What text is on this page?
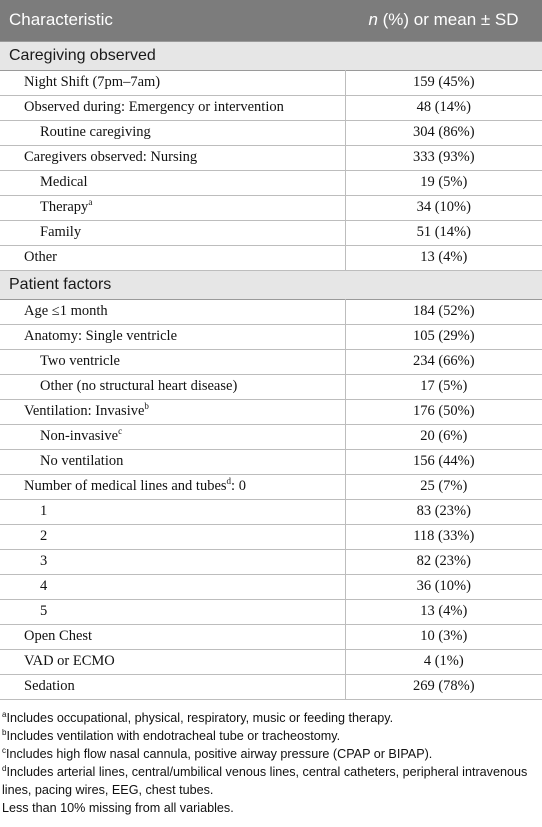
Characteristic	n (%) or mean ± SD
Caregiving observed	
Night Shift (7pm–7am)	159 (45%)
Observed during: Emergency or intervention	48 (14%)
Routine caregiving	304 (86%)
Caregivers observed: Nursing	333 (93%)
Medical	19 (5%)
Therapy$^a$	34 (10%)
Family	51 (14%)
Other	13 (4%)
Patient factors	
Age ≤1 month	184 (52%)
Anatomy: Single ventricle	105 (29%)
Two ventricle	234 (66%)
Other (no structural heart disease)	17 (5%)
Ventilation: Invasive$^b$	176 (50%)
Non-invasive$^c$	20 (6%)
No ventilation	156 (44%)
Number of medical lines and tubes$^d$: 0	25 (7%)
1	83 (23%)
2	118 (33%)
3	82 (23%)
4	36 (10%)
5	13 (4%)
Open Chest	10 (3%)
VAD or ECMO	4 (1%)
Sedation	269 (78%)
$^a$Includes occupational, physical, respiratory, music or feeding therapy.
$^b$Includes ventilation with endotracheal tube or tracheostomy.
$^c$Includes high flow nasal cannula, positive airway pressure (CPAP or BIPAP).
$^d$Includes arterial lines, central/umbilical venous lines, central catheters, peripheral intravenous lines, pacing wires, EEG, chest tubes.
Less than 10% missing from all variables.
